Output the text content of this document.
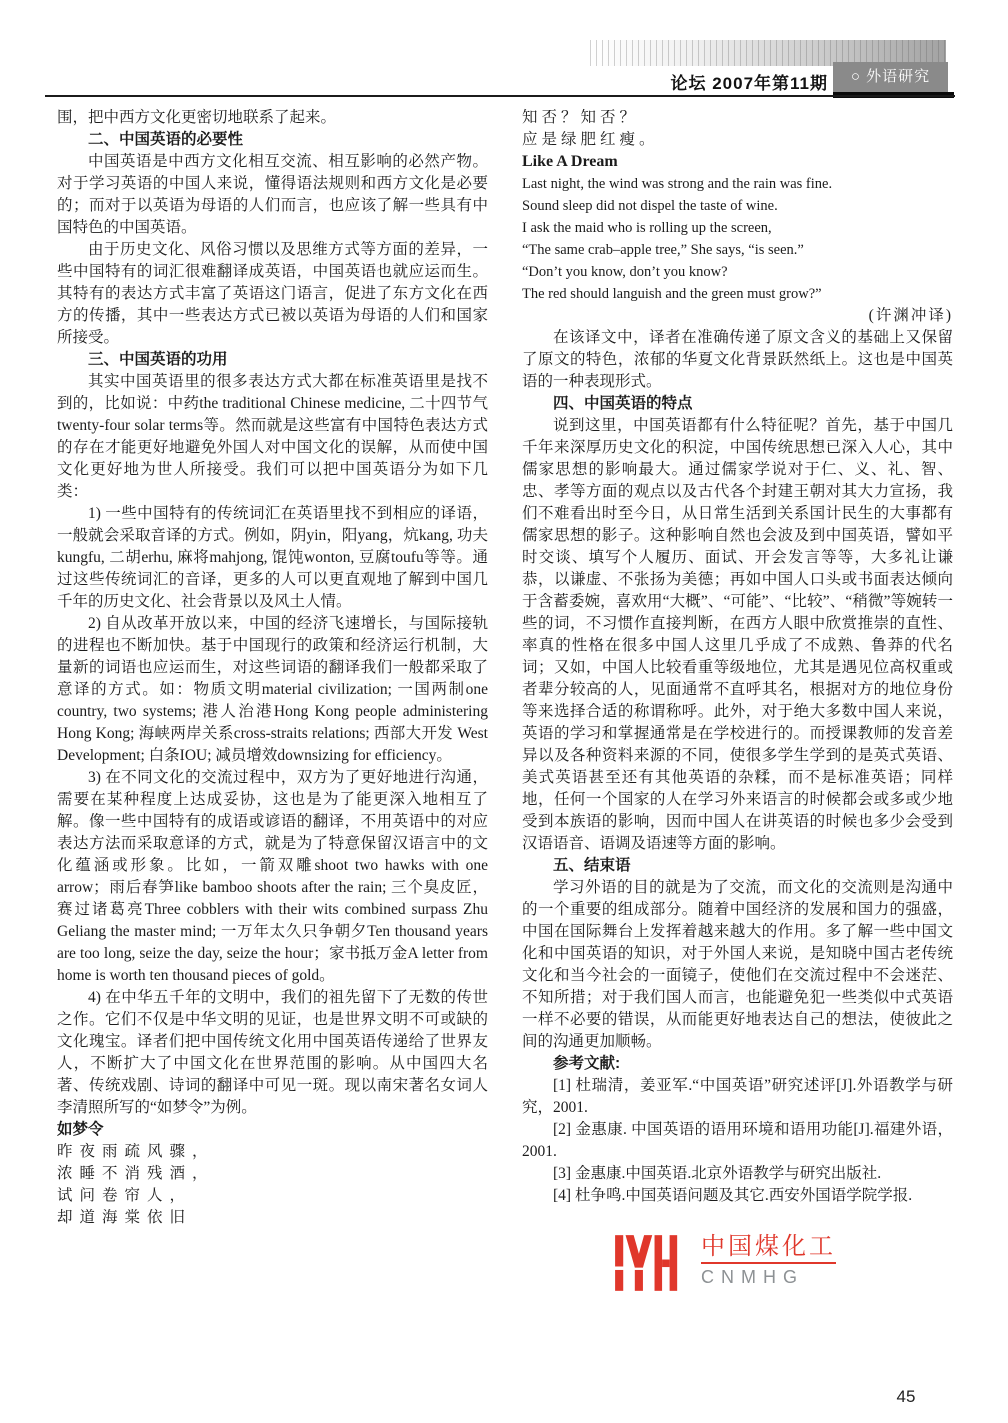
论坛 2007年第11期	○ 外语研究

围，把中西方文化更密切地联系了起来。

二、中国英语的必要性

中国英语是中西方文化相互交流、相互影响的必然产物。对于学习英语的中国人来说，懂得语法规则和西方文化是必要的；而对于以英语为母语的人们而言，也应该了解一些具有中国特色的中国英语。

由于历史文化、风俗习惯以及思维方式等方面的差异，一些中国特有的词汇很难翻译成英语，中国英语也就应运而生。其特有的表达方式丰富了英语这门语言，促进了东方文化在西方的传播，其中一些表达方式已被以英语为母语的人们和国家所接受。

三、中国英语的功用

其实中国英语里的很多表达方式大都在标准英语里是找不到的，比如说：中药the traditional Chinese medicine, 二十四节气twenty-four solar terms等。然而就是这些富有中国特色表达方式的存在才能更好地避免外国人对中国文化的误解，从而使中国文化更好地为世人所接受。我们可以把中国英语分为如下几类：

1) 一些中国特有的传统词汇在英语里找不到相应的译语，一般就会采取音译的方式。例如，阴yin，阳yang，炕kang, 功夫kungfu, 二胡erhu, 麻将mahjong, 馄饨wonton, 豆腐toufu等等。通过这些传统词汇的音译，更多的人可以更直观地了解到中国几千年的历史文化、社会背景以及风土人情。

2) 自从改革开放以来，中国的经济飞速增长，与国际接轨的进程也不断加快。基于中国现行的政策和经济运行机制，大量新的词语也应运而生，对这些词语的翻译我们一般都采取了意译的方式。如：物质文明material civilization; 一国两制one country, two systems; 港人治港Hong Kong people administering Hong Kong; 海峡两岸关系cross-straits relations; 西部大开发 West Development; 白条IOU; 减员增效downsizing for efficiency。

3) 在不同文化的交流过程中，双方为了更好地进行沟通，需要在某种程度上达成妥协，这也是为了能更深入地相互了解。像一些中国特有的成语或谚语的翻译，不用英语中的对应表达方法而采取意译的方式，就是为了特意保留汉语言中的文化蕴涵或形象。比如，一箭双雕shoot two hawks with one arrow；雨后春笋like bamboo shoots after the rain; 三个臭皮匠，赛过诸葛亮Three cobblers with their wits combined surpass Zhu Geliang the master mind; 一万年太久只争朝夕Ten thousand years are too long, seize the day, seize the hour；家书抵万金A letter from home is worth ten thousand pieces of gold。

4) 在中华五千年的文明中，我们的祖先留下了无数的传世之作。它们不仅是中华文明的见证，也是世界文明不可或缺的文化瑰宝。译者们把中国传统文化用中国英语传递给了世界友人，不断扩大了中国文化在世界范围的影响。从中国四大名著、传统戏剧、诗词的翻译中可见一斑。现以南宋著名女词人李清照所写的“如梦令”为例。

如梦令

昨夜雨疏风骤，

浓睡不消残酒，

试问卷帘人，

却道海棠依旧

知否？知否？

应是绿肥红瘦。

Like A Dream

Last night, the wind was strong and the rain was fine.

Sound sleep did not dispel the taste of wine.

I ask the maid who is rolling up the screen,

“The same crab–apple tree,” She says, “is seen.”

“Don’t you know, don’t you know?

The red should languish and the green must grow?”

(许渊冲译)

在该译文中，译者在准确传递了原文含义的基础上又保留了原文的特色，浓郁的华夏文化背景跃然纸上。这也是中国英语的一种表现形式。

四、中国英语的特点

说到这里，中国英语都有什么特征呢？首先，基于中国几千年来深厚历史文化的积淀，中国传统思想已深入人心，其中儒家思想的影响最大。通过儒家学说对于仁、义、礼、智、忠、孝等方面的观点以及古代各个封建王朝对其大力宣扬，我们不难看出时至今日，从日常生活到关系国计民生的大事都有儒家思想的影子。这种影响自然也会波及到中国英语，譬如平时交谈、填写个人履历、面试、开会发言等等，大多礼让谦恭，以谦虚、不张扬为美德；再如中国人口头或书面表达倾向于含蓄委婉，喜欢用“大概”、“可能”、“比较”、“稍微”等婉转一些的词，不习惯作直接判断，在西方人眼中欣赏推崇的直性、率真的性格在很多中国人这里几乎成了不成熟、鲁莽的代名词；又如，中国人比较看重等级地位，尤其是遇见位高权重或者辈分较高的人，见面通常不直呼其名，根据对方的地位身份等来选择合适的称谓称呼。此外，对于绝大多数中国人来说，英语的学习和掌握通常是在学校进行的。而授课教师的发音差异以及各种资料来源的不同，使很多学生学到的是英式英语、美式英语甚至还有其他英语的杂糅，而不是标准英语；同样地，任何一个国家的人在学习外来语言的时候都会或多或少地受到本族语的影响，因而中国人在讲英语的时候也多少会受到汉语语音、语调及语速等方面的影响。

五、结束语

学习外语的目的就是为了交流，而文化的交流则是沟通中的一个重要的组成部分。随着中国经济的发展和国力的强盛，中国在国际舞台上发挥着越来越大的作用。多了解一些中国文化和中国英语的知识，对于外国人来说，是知晓中国古老传统文化和当今社会的一面镜子，使他们在交流过程中不会迷茫、不知所措；对于我们国人而言，也能避免犯一些类似中式英语一样不必要的错误，从而能更好地表达自己的想法，使彼此之间的沟通更加顺畅。

参考文献:

[1] 杜瑞清，姜亚军.“中国英语”研究述评[J].外语教学与研究，2001.

[2] 金惠康. 中国英语的语用环境和语用功能[J].福建外语，2001.

[3] 金惠康.中国英语.北京外语教学与研究出版社.

[4] 杜争鸣.中国英语问题及其它.西安外国语学院学报.

中国煤化工
CNMHG
45
